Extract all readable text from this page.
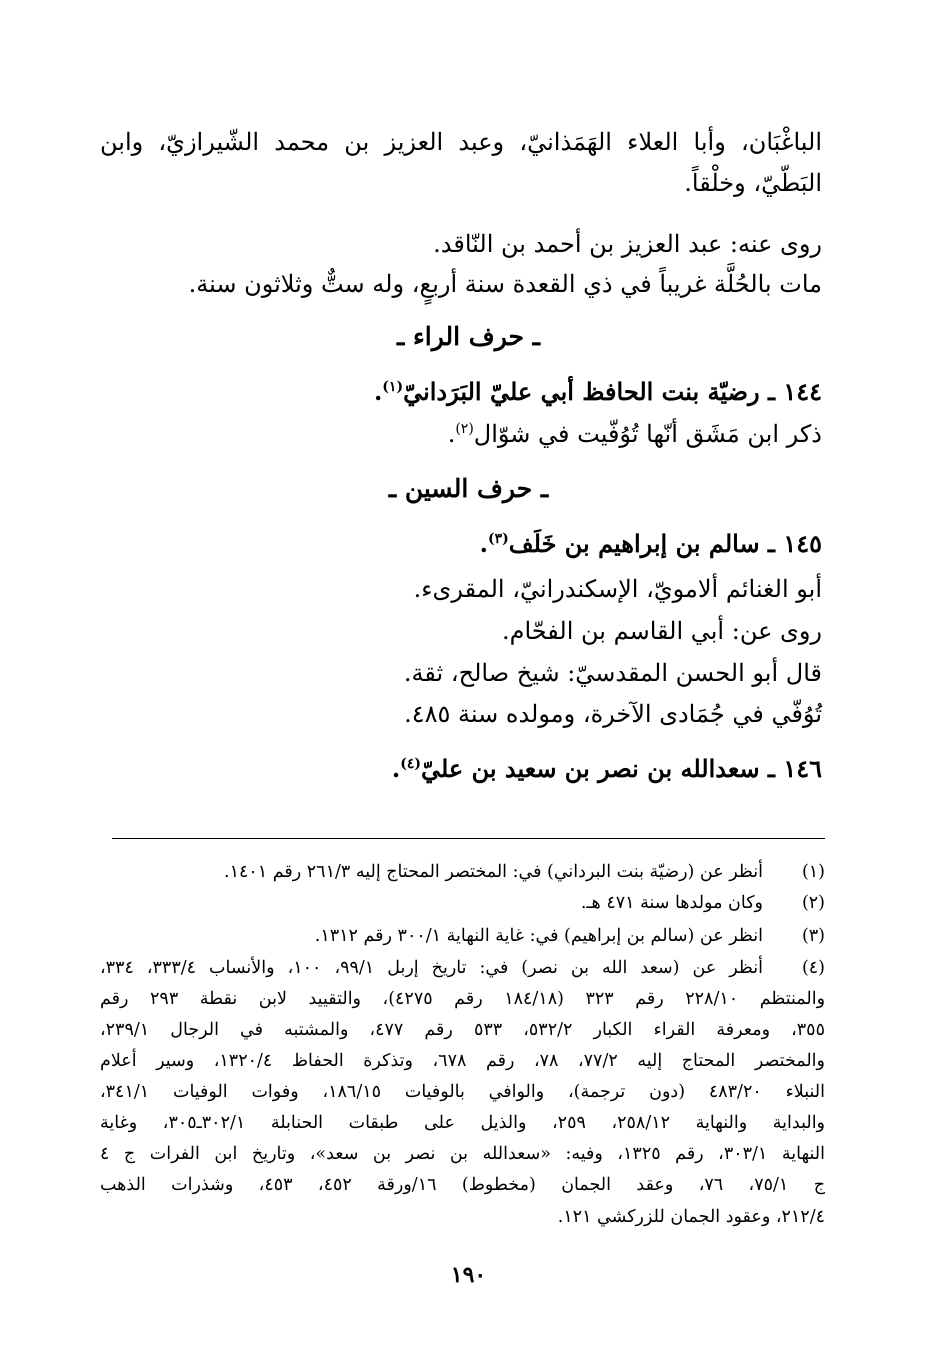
الباغْبَان، وأبا العلاء الهَمَذانيّ، وعبد العزيز بن محمد الشّيرازيّ، وابن
البَطّيّ، وخلْقاً.
روى عنه: عبد العزيز بن أحمد بن النّاقد.
مات بالحُلَّة غريباً في ذي القعدة سنة أربعٍ، وله ستٌّ وثلاثون سنة.
ـ حرف الراء ـ
١٤٤ ـ رضيّة بنت الحافظ أبي عليّ البَرَدانيّ$^{(١)}$.
ذكر ابن مَشَق أنّها تُوُفّيت في شوّال$^{(٢)}$.
ـ حرف السين ـ
١٤٥ ـ سالم بن إبراهيم بن خَلَف$^{(٣)}$.
أبو الغنائم ألامويّ، الإسكندرانيّ، المقرىء.
روى عن: أبي القاسم بن الفحّام.
قال أبو الحسن المقدسيّ: شيخ صالح، ثقة.
تُوُفّي في جُمَادى الآخرة، ومولده سنة ٤٨٥.
١٤٦ ـ سعدالله بن نصر بن سعيد بن عليّ$^{(٤)}$.
(١)
أنظر عن (رضيّة بنت البرداني) في: المختصر المحتاج إليه ٢٦١/٣ رقم ١٤٠١.
(٢)
وكان مولدها سنة ٤٧١ هـ.
(٣)
انظر عن (سالم بن إبراهيم) في: غاية النهاية ٣٠٠/١ رقم ١٣١٢.
(٤)
أنظر عن (سعد الله بن نصر) في: تاريخ إربل ٩٩/١، ١٠٠، والأنساب ٣٣٣/٤، ٣٣٤،
والمنتظم ٢٢٨/١٠ رقم ٣٢٣ (١٨٤/١٨ رقم ٤٢٧٥)، والتقييد لابن نقطة ٢٩٣ رقم
٣٥٥، ومعرفة القراء الكبار ٥٣٢/٢، ٥٣٣ رقم ٤٧٧، والمشتبه في الرجال ٢٣٩/١،
والمختصر المحتاج إليه ٧٧/٢، ٧٨، رقم ٦٧٨، وتذكرة الحفاظ ١٣٢٠/٤، وسير أعلام
النبلاء ٤٨٣/٢٠ (دون ترجمة)، والوافي بالوفيات ١٨٦/١٥، وفوات الوفيات ٣٤١/١،
والبداية والنهاية ٢٥٨/١٢، ٢٥٩، والذيل على طبقات الحنابلة ٣٠٢/١ـ٣٠٥، وغاية
النهاية ٣٠٣/١، رقم ١٣٢٥، وفيه: «سعدالله بن نصر بن سعد»، وتاريخ ابن الفرات ج ٤
ج ٧٥/١، ٧٦، وعقد الجمان (مخطوط) ١٦/ورقة ٤٥٢، ٤٥٣، وشذرات الذهب
٢١٢/٤، وعقود الجمان للزركشي ١٢١.
١٩٠
